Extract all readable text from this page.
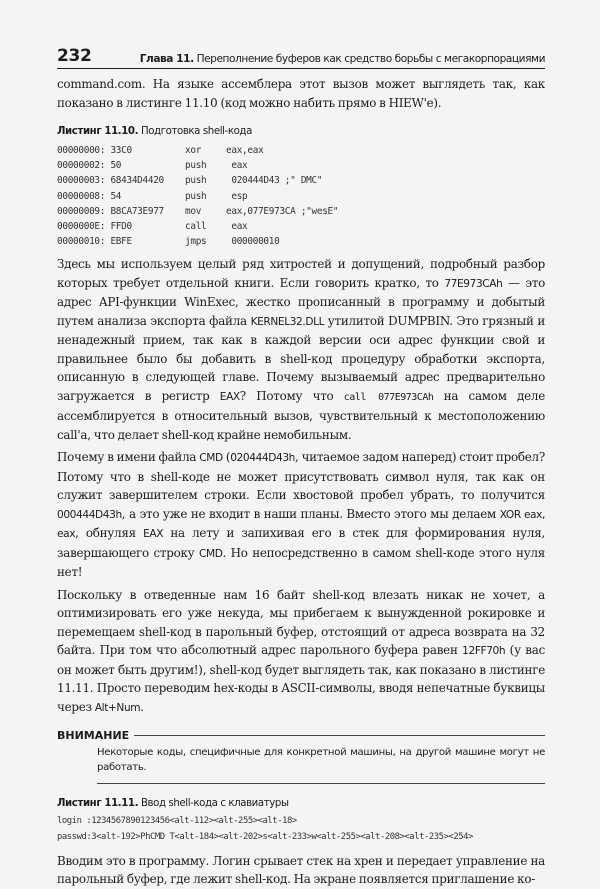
232	Глава 11. Переполнение буферов как средство борьбы с мегакорпорациями

command.com. На языке ассемблера этот вызов может выглядеть так, как показано в листинге 11.10 (код можно набить прямо в HIEW'e).

Листинг 11.10. Подготовка shell-кода

00000000: 33C0	xor	eax,eax
00000002: 50	push	eax
00000003: 68434D4420	push	020444D43 ;" DMC"
00000008: 54	push	esp
00000009: B8CA73E977	mov	eax,077E973CA ;"wesE"
0000000E: FFD0	call	eax
00000010: EBFE	jmps	000000010

Здесь мы используем целый ряд хитростей и допущений, подробный разбор которых требует отдельной книги. Если говорить кратко, то 77E973CAh — это адрес API-функции WinExec, жестко прописанный в программу и добытый путем анализа экспорта файла KERNEL32.DLL утилитой DUMPBIN. Это грязный и ненадежный прием, так как в каждой версии оси адрес функции свой и правильнее было бы добавить в shell-код процедуру обработки экспорта, описанную в следующей главе. Почему вызываемый адрес предварительно загружается в регистр EAX? Потому что call 077E973CAh на самом деле ассемблируется в относительный вызов, чувствительный к местоположению call'a, что делает shell-код крайне немобильным.

Почему в имени файла CMD (020444D43h, читаемое задом наперед) стоит пробел? Потому что в shell-коде не может присутствовать символ нуля, так как он служит завершителем строки. Если хвостовой пробел убрать, то получится 000444D43h, а это уже не входит в наши планы. Вместо этого мы делаем XOR eax, eax, обнуляя EAX на лету и запихивая его в стек для формирования нуля, завершающего строку CMD. Но непосредственно в самом shell-коде этого нуля нет!

Поскольку в отведенные нам 16 байт shell-код влезать никак не хочет, а оптимизировать его уже некуда, мы прибегаем к вынужденной рокировке и перемещаем shell-код в парольный буфер, отстоящий от адреса возврата на 32 байта. При том что абсолютный адрес парольного буфера равен 12FF70h (у вас он может быть другим!), shell-код будет выглядеть так, как показано в листинге 11.11. Просто переводим hex-коды в ASCII-символы, вводя непечатные буквицы через Alt+Num.

ВНИМАНИЕ
Некоторые коды, специфичные для конкретной машины, на другой машине могут не работать.

Листинг 11.11. Ввод shell-кода с клавиатуры

login :1234567890123456<alt-112><alt-255><alt-18>
passwd:3<alt-192>PhCMD T<alt-184><alt-202>s<alt-233>w<alt-255><alt-208><alt-235><254>

Вводим это в программу. Логин срывает стек на хрен и передает управление на парольный буфер, где лежит shell-код. На экране появляется приглашение ко-
